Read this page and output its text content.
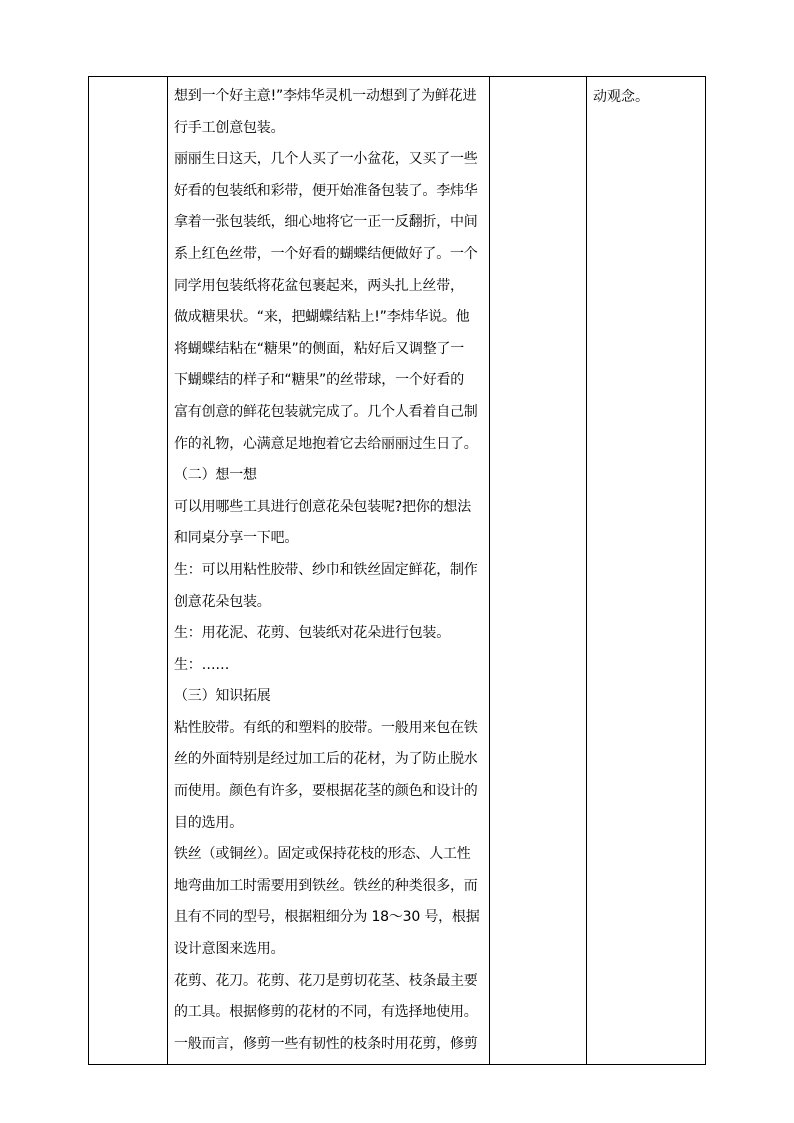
想到一个好主意!”李炜华灵机一动想到了为鲜花进

行手工创意包装。

丽丽生日这天，几个人买了一小盆花，又买了一些

好看的包装纸和彩带，便开始准备包装了。李炜华

拿着一张包装纸，细心地将它一正一反翻折，中间

系上红色丝带，一个好看的蝴蝶结便做好了。一个

同学用包装纸将花盆包裹起来，两头扎上丝带，

做成糖果状。“来，把蝴蝶结粘上!”李炜华说。他

将蝴蝶结粘在“糖果”的侧面，粘好后又调整了一

下蝴蝶结的样子和“糖果”的丝带球，一个好看的

富有创意的鲜花包装就完成了。几个人看着自己制

作的礼物，心满意足地抱着它去给丽丽过生日了。

（二）想一想

可以用哪些工具进行创意花朵包装呢?把你的想法

和同桌分享一下吧。

生：可以用粘性胶带、纱巾和铁丝固定鲜花，制作

创意花朵包装。

生：用花泥、花剪、包装纸对花朵进行包装。

生：……

（三）知识拓展

粘性胶带。有纸的和塑料的胶带。一般用来包在铁

丝的外面特别是经过加工后的花材，为了防止脱水

而使用。颜色有许多，要根据花茎的颜色和设计的

目的选用。

铁丝（或铜丝）。固定或保持花枝的形态、人工性

地弯曲加工时需要用到铁丝。铁丝的种类很多，而

且有不同的型号，根据粗细分为 18～30 号，根据

设计意图来选用。

花剪、花刀。花剪、花刀是剪切花茎、枝条最主要

的工具。根据修剪的花材的不同，有选择地使用。

一般而言，修剪一些有韧性的枝条时用花剪，修剪

动观念。
